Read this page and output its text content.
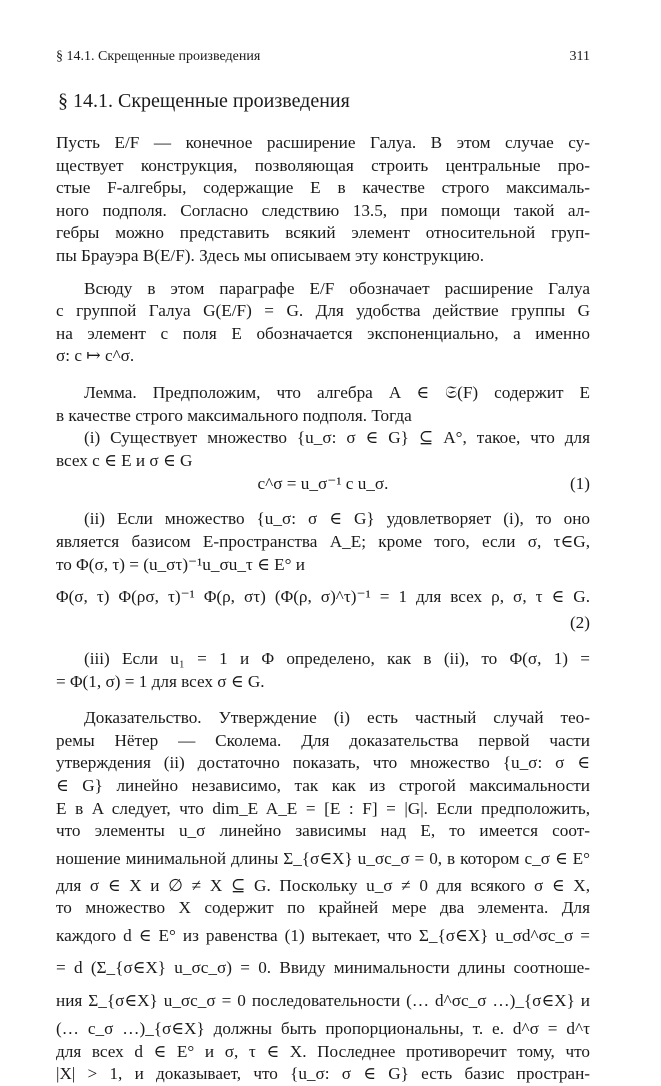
§ 14.1. Скрещенные произведения	311
§ 14.1. Скрещенные произведения
Пусть E/F — конечное расширение Галуа. В этом случае су-
ществует конструкция, позволяющая строить центральные про-
стые F-алгебры, содержащие E в качестве строго максималь-
ного подполя. Согласно следствию 13.5, при помощи такой ал-
гебры можно представить всякий элемент относительной груп-
пы Брауэра B(E/F). Здесь мы описываем эту конструкцию.
Всюду в этом параграфе E/F обозначает расширение Галуа
с группой Галуа G(E/F) = G. Для удобства действие группы G
на элемент c поля E обозначается экспоненциально, а именно
σ: c ↦ c^σ.
Лемма. Предположим, что алгебра A ∈ 𝔖(F) содержит E
в качестве строго максимального подполя. Тогда
(i) Существует множество {u_σ: σ ∈ G} ⊆ A°, такое, что для
всех c ∈ E и σ ∈ G
c^σ = u_σ⁻¹ c u_σ.	(1)
(ii) Если множество {u_σ: σ ∈ G} удовлетворяет (i), то оно
является базисом E-пространства A_E; кроме того, если σ, τ∈G,
то Φ(σ, τ) = (u_στ)⁻¹u_σu_τ ∈ E° и
Φ(σ, τ) Φ(ρσ, τ)⁻¹ Φ(ρ, στ) (Φ(ρ, σ)^τ)⁻¹ = 1 для всех ρ, σ, τ ∈ G.
(2)
(iii) Если u₁ = 1 и Φ определено, как в (ii), то Φ(σ, 1) =
= Φ(1, σ) = 1 для всех σ ∈ G.
Доказательство. Утверждение (i) есть частный случай тео-
ремы Нётер — Сколема. Для доказательства первой части
утверждения (ii) достаточно показать, что множество {u_σ: σ ∈
∈ G} линейно независимо, так как из строгой максимальности
E в A следует, что dim_E A_E = [E : F] = |G|. Если предположить,
что элементы u_σ линейно зависимы над E, то имеется соот-
ношение минимальной длины Σ_{σ∈X} u_σc_σ = 0, в котором c_σ ∈ E°
для σ ∈ X и ∅ ≠ X ⊆ G. Поскольку u_σ ≠ 0 для всякого σ ∈ X,
то множество X содержит по крайней мере два элемента. Для
каждого d ∈ E° из равенства (1) вытекает, что Σ_{σ∈X} u_σd^σc_σ =
= d (Σ_{σ∈X} u_σc_σ) = 0. Ввиду минимальности длины соотноше-
ния Σ_{σ∈X} u_σc_σ = 0 последовательности (… d^σc_σ …)_{σ∈X} и
(… c_σ …)_{σ∈X} должны быть пропорциональны, т. е. d^σ = d^τ
для всех d ∈ E° и σ, τ ∈ X. Последнее противоречит тому, что
|X| > 1, и доказывает, что {u_σ: σ ∈ G} есть базис простран-
